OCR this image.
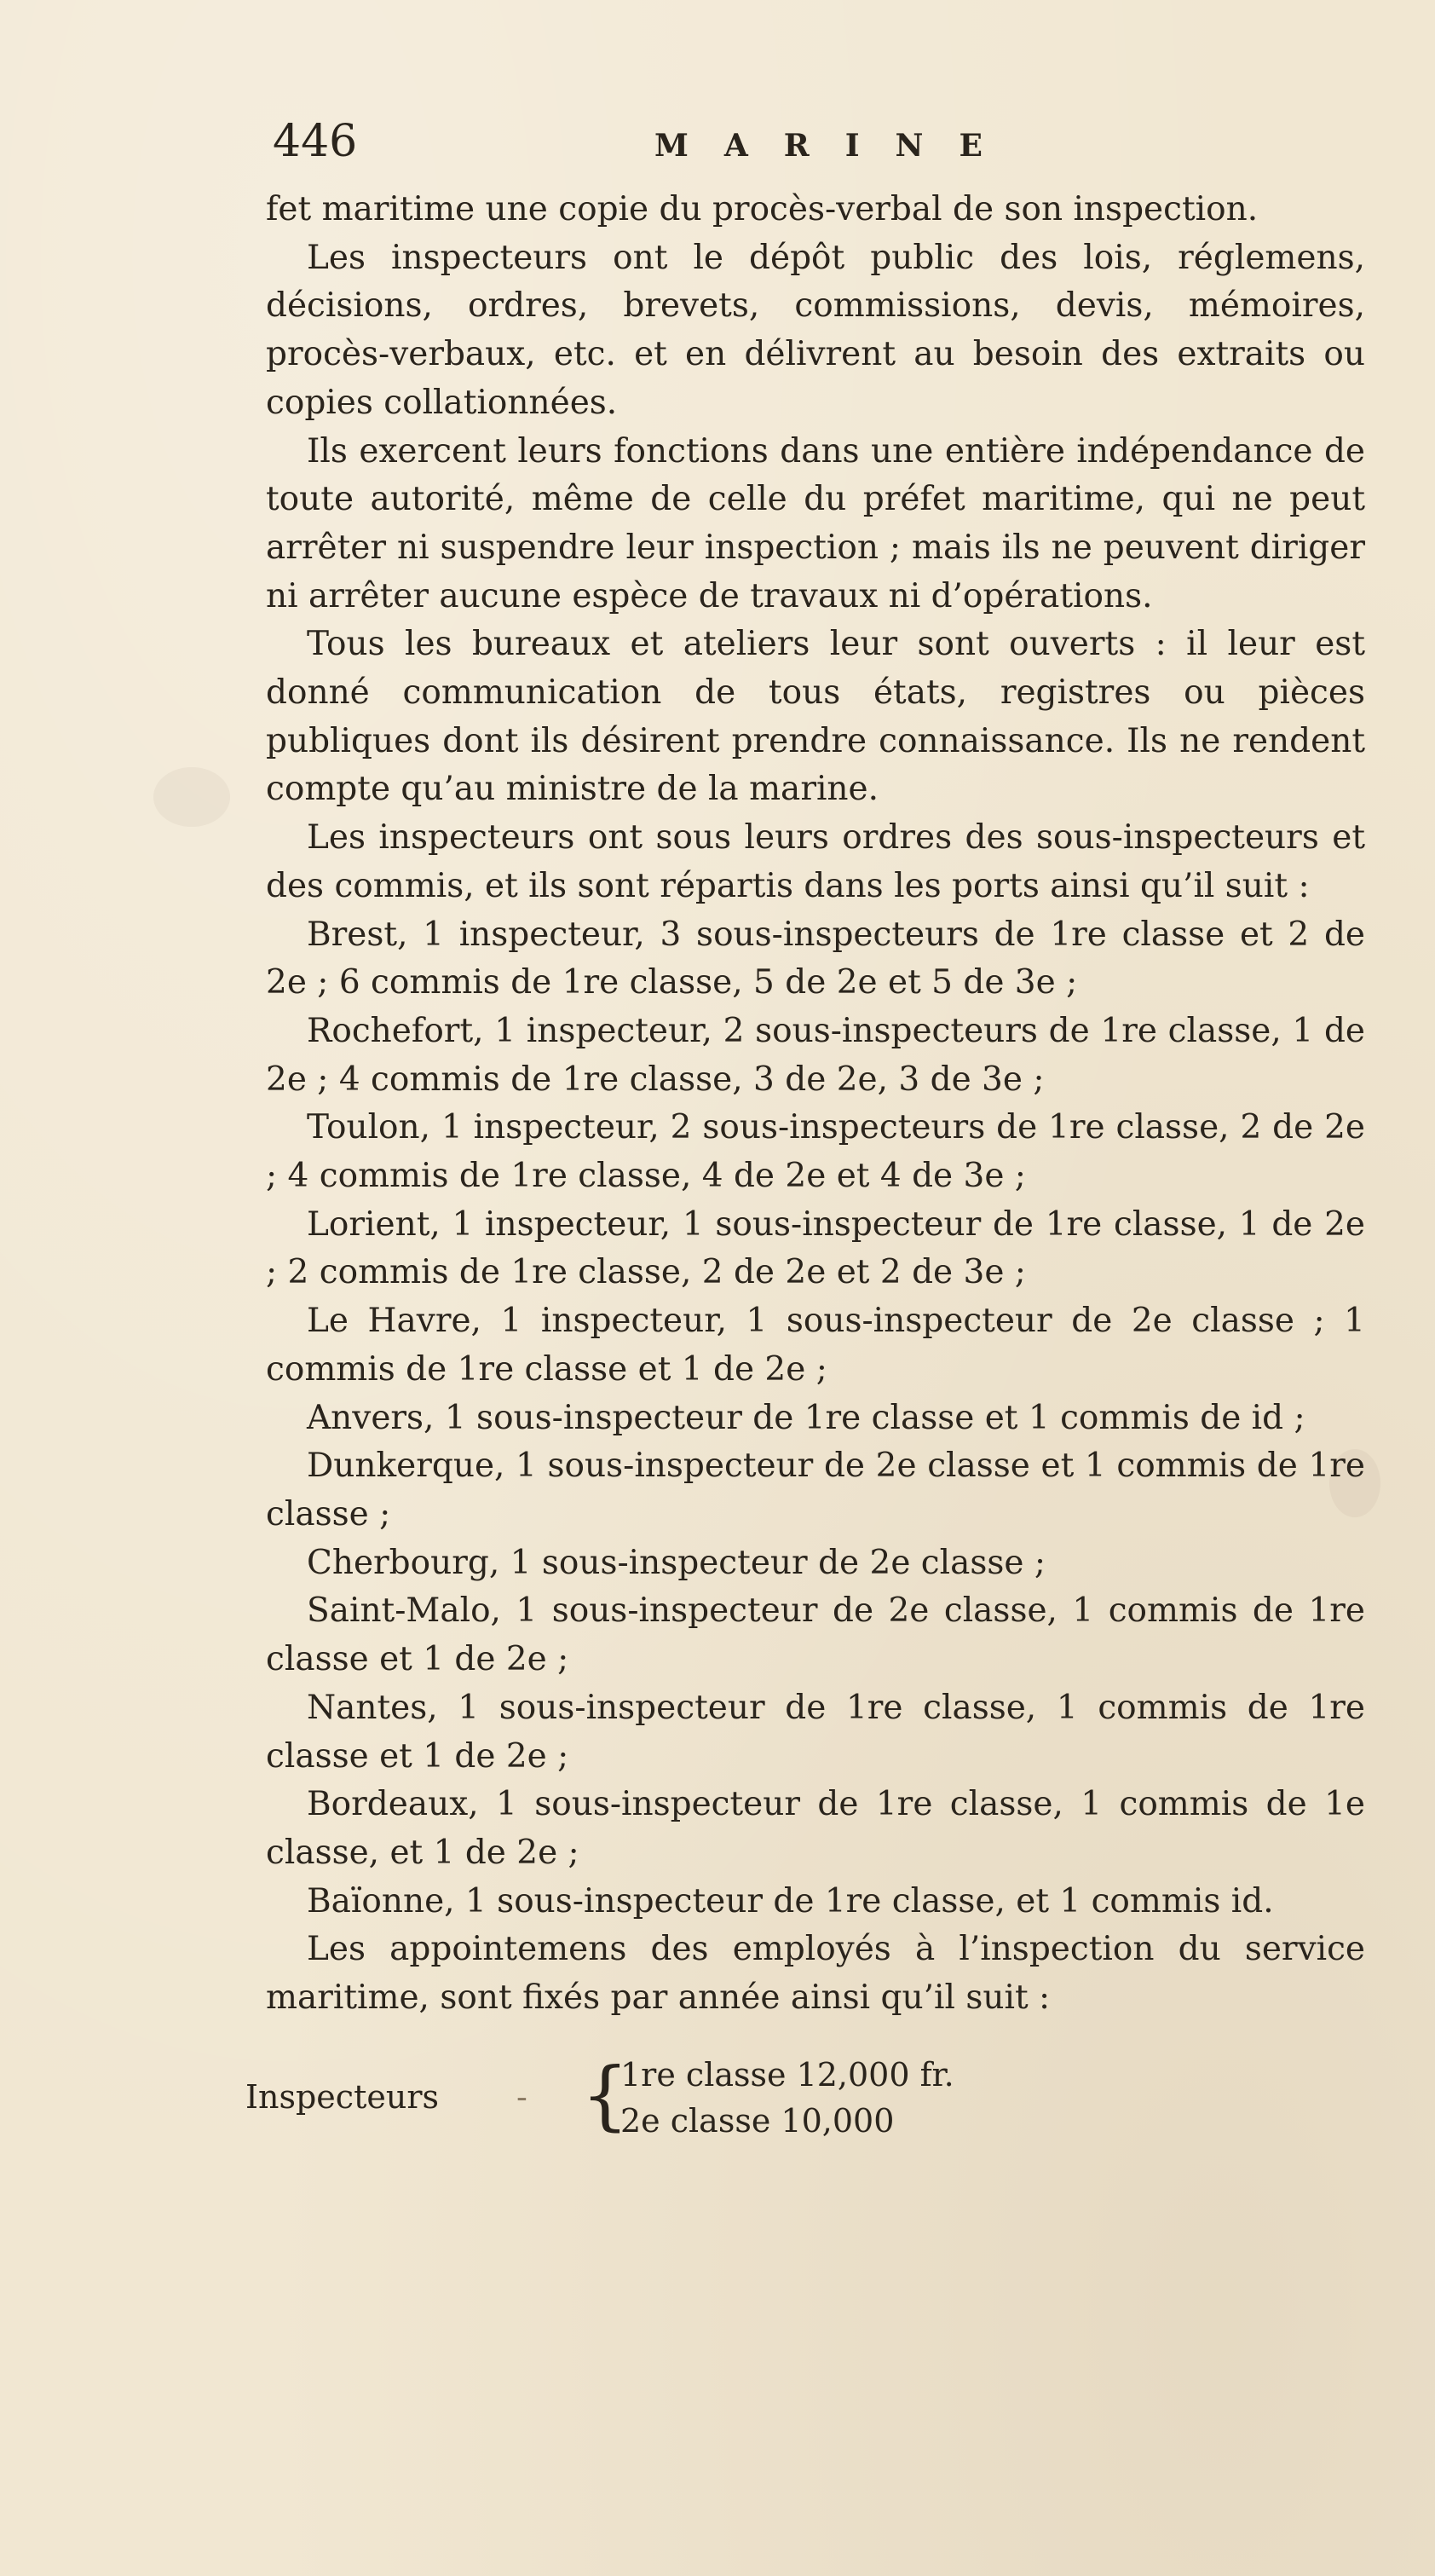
446	MARINE

fet maritime une copie du procès-verbal de son inspection.

Les inspecteurs ont le dépôt public des lois, réglemens, décisions, ordres, brevets, commissions, devis, mémoires, procès-verbaux, etc. et en délivrent au besoin des extraits ou copies collationnées.

Ils exercent leurs fonctions dans une entière indépendance de toute autorité, même de celle du préfet maritime, qui ne peut arrêter ni suspendre leur inspection ; mais ils ne peuvent diriger ni arrêter aucune espèce de travaux ni d’opérations.

Tous les bureaux et ateliers leur sont ouverts : il leur est donné communication de tous états, registres ou pièces publiques dont ils désirent prendre connaissance. Ils ne rendent compte qu’au ministre de la marine.

Les inspecteurs ont sous leurs ordres des sous-inspecteurs et des commis, et ils sont répartis dans les ports ainsi qu’il suit :

Brest, 1 inspecteur, 3 sous-inspecteurs de 1re classe et 2 de 2e ; 6 commis de 1re classe, 5 de 2e et 5 de 3e ;
Rochefort, 1 inspecteur, 2 sous-inspecteurs de 1re classe, 1 de 2e ; 4 commis de 1re classe, 3 de 2e, 3 de 3e ;
Toulon, 1 inspecteur, 2 sous-inspecteurs de 1re classe, 2 de 2e ; 4 commis de 1re classe, 4 de 2e et 4 de 3e ;
Lorient, 1 inspecteur, 1 sous-inspecteur de 1re classe, 1 de 2e ; 2 commis de 1re classe, 2 de 2e et 2 de 3e ;
Le Havre, 1 inspecteur, 1 sous-inspecteur de 2e classe ; 1 commis de 1re classe et 1 de 2e ;
Anvers, 1 sous-inspecteur de 1re classe et 1 commis de id ;
Dunkerque, 1 sous-inspecteur de 2e classe et 1 commis de 1re classe ;
Cherbourg, 1 sous-inspecteur de 2e classe ;
Saint-Malo, 1 sous-inspecteur de 2e classe, 1 commis de 1re classe et 1 de 2e ;
Nantes, 1 sous-inspecteur de 1re classe, 1 commis de 1re classe et 1 de 2e ;
Bordeaux, 1 sous-inspecteur de 1re classe, 1 commis de 1e classe, et 1 de 2e ;
Baïonne, 1 sous-inspecteur de 1re classe, et 1 commis id.

Les appointemens des employés à l’inspection du service maritime, sont fixés par année ainsi qu’il suit :

Inspecteurs - {
1re classe 12,000 fr.
2e classe 10,000
